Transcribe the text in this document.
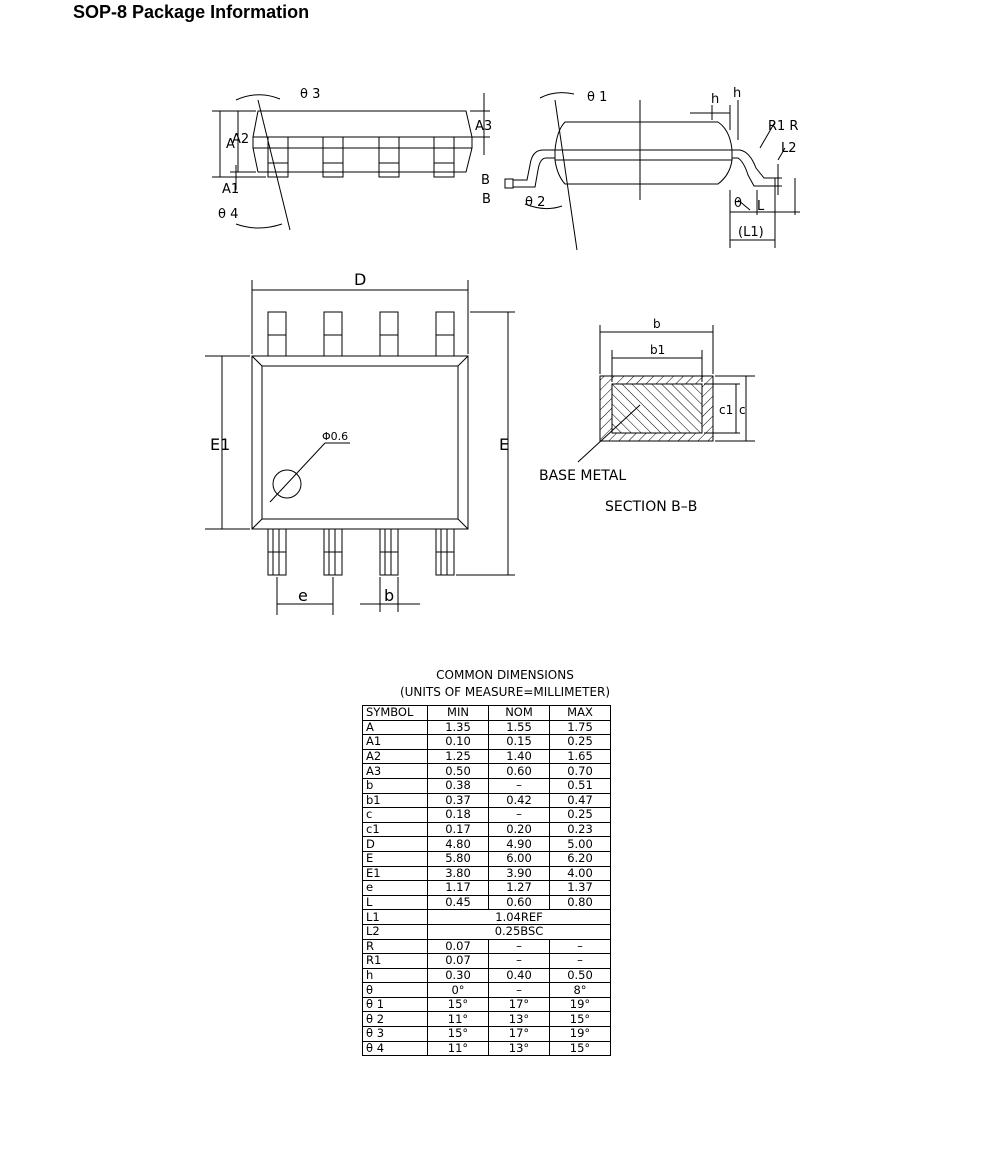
SOP-8 Package Information
A
A2
A3
A1
θ 3
θ 4
θ 1
θ 2	θ
B
B
h h
R1 R
L2
L
(L1)
D
E1	E
Φ0.6
e	b
b
b1
c1 c
BASE METAL
SECTION B–B
COMMON DIMENSIONS
(UNITS OF MEASURE=MILLIMETER)
SYMBOL	MIN	NOM	MAX
A	1.35	1.55	1.75
A1	0.10	0.15	0.25
A2	1.25	1.40	1.65
A3	0.50	0.60	0.70
b	0.38	–	0.51
b1	0.37	0.42	0.47
c	0.18	–	0.25
c1	0.17	0.20	0.23
D	4.80	4.90	5.00
E	5.80	6.00	6.20
E1	3.80	3.90	4.00
e	1.17	1.27	1.37
L	0.45	0.60	0.80
L1	1.04REF		
L2	0.25BSC		
R	0.07	–	–
R1	0.07	–	–
h	0.30	0.40	0.50
θ	0°	–	8°
θ 1	15°	17°	19°
θ 2	11°	13°	15°
θ 3	15°	17°	19°
θ 4	11°	13°	15°
